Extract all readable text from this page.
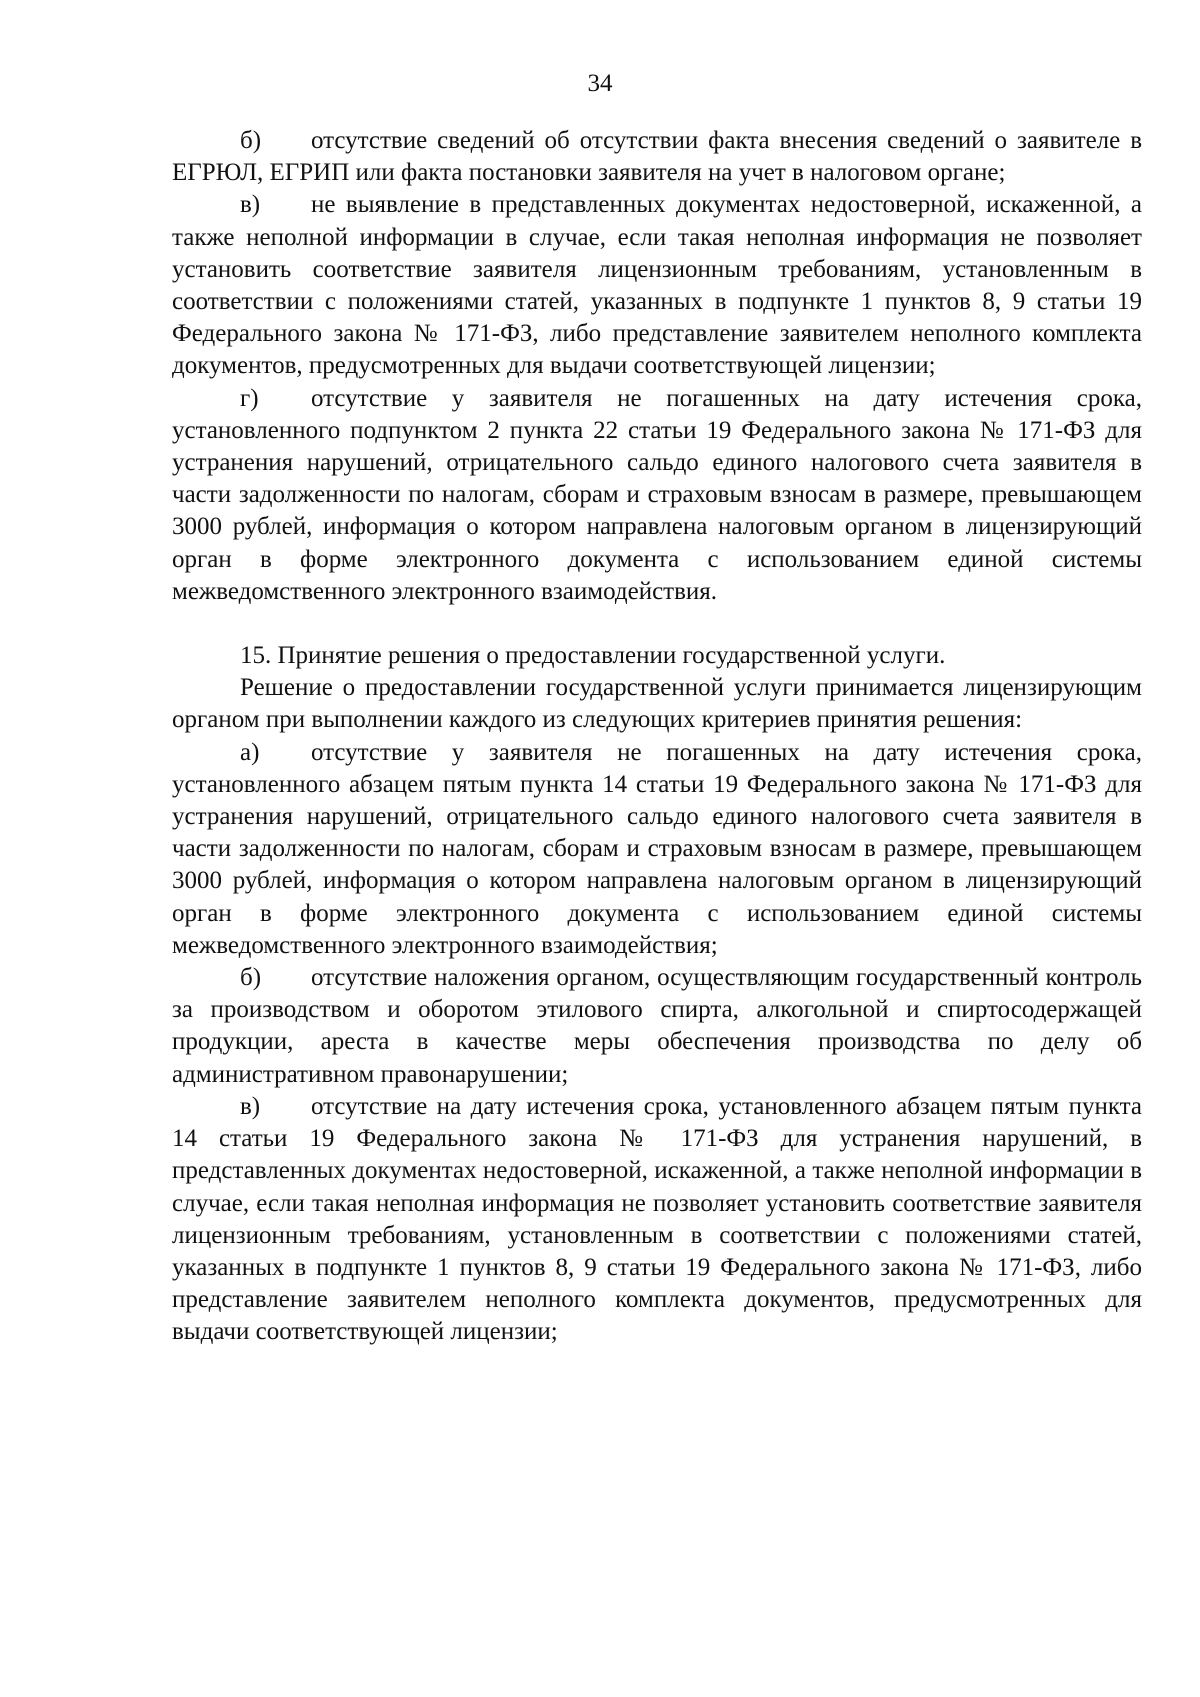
34

б) отсутствие сведений об отсутствии факта внесения сведений о заявителе в ЕГРЮЛ, ЕГРИП или факта постановки заявителя на учет в налоговом органе;

в) не выявление в представленных документах недостоверной, искаженной, а также неполной информации в случае, если такая неполная информация не позволяет установить соответствие заявителя лицензионным требованиям, установленным в соответствии с положениями статей, указанных в подпункте 1 пунктов 8, 9 статьи 19 Федерального закона № 171-ФЗ, либо представление заявителем неполного комплекта документов, предусмотренных для выдачи соответствующей лицензии;

г) отсутствие у заявителя не погашенных на дату истечения срока, установленного подпунктом 2 пункта 22 статьи 19 Федерального закона № 171-ФЗ для устранения нарушений, отрицательного сальдо единого налогового счета заявителя в части задолженности по налогам, сборам и страховым взносам в размере, превышающем 3000 рублей, информация о котором направлена налоговым органом в лицензирующий орган в форме электронного документа с использованием единой системы межведомственного электронного взаимодействия.

15. Принятие решения о предоставлении государственной услуги.

Решение о предоставлении государственной услуги принимается лицензирующим органом при выполнении каждого из следующих критериев принятия решения:

а) отсутствие у заявителя не погашенных на дату истечения срока, установленного абзацем пятым пункта 14 статьи 19 Федерального закона № 171-ФЗ для устранения нарушений, отрицательного сальдо единого налогового счета заявителя в части задолженности по налогам, сборам и страховым взносам в размере, превышающем 3000 рублей, информация о котором направлена налоговым органом в лицензирующий орган в форме электронного документа с использованием единой системы межведомственного электронного взаимодействия;

б) отсутствие наложения органом, осуществляющим государственный контроль за производством и оборотом этилового спирта, алкогольной и спиртосодержащей продукции, ареста в качестве меры обеспечения производства по делу об административном правонарушении;

в) отсутствие на дату истечения срока, установленного абзацем пятым пункта 14 статьи 19 Федерального закона № 171-ФЗ для устранения нарушений, в представленных документах недостоверной, искаженной, а также неполной информации в случае, если такая неполная информация не позволяет установить соответствие заявителя лицензионным требованиям, установленным в соответствии с положениями статей, указанных в подпункте 1 пунктов 8, 9 статьи 19 Федерального закона № 171-ФЗ, либо представление заявителем неполного комплекта документов, предусмотренных для выдачи соответствующей лицензии;
